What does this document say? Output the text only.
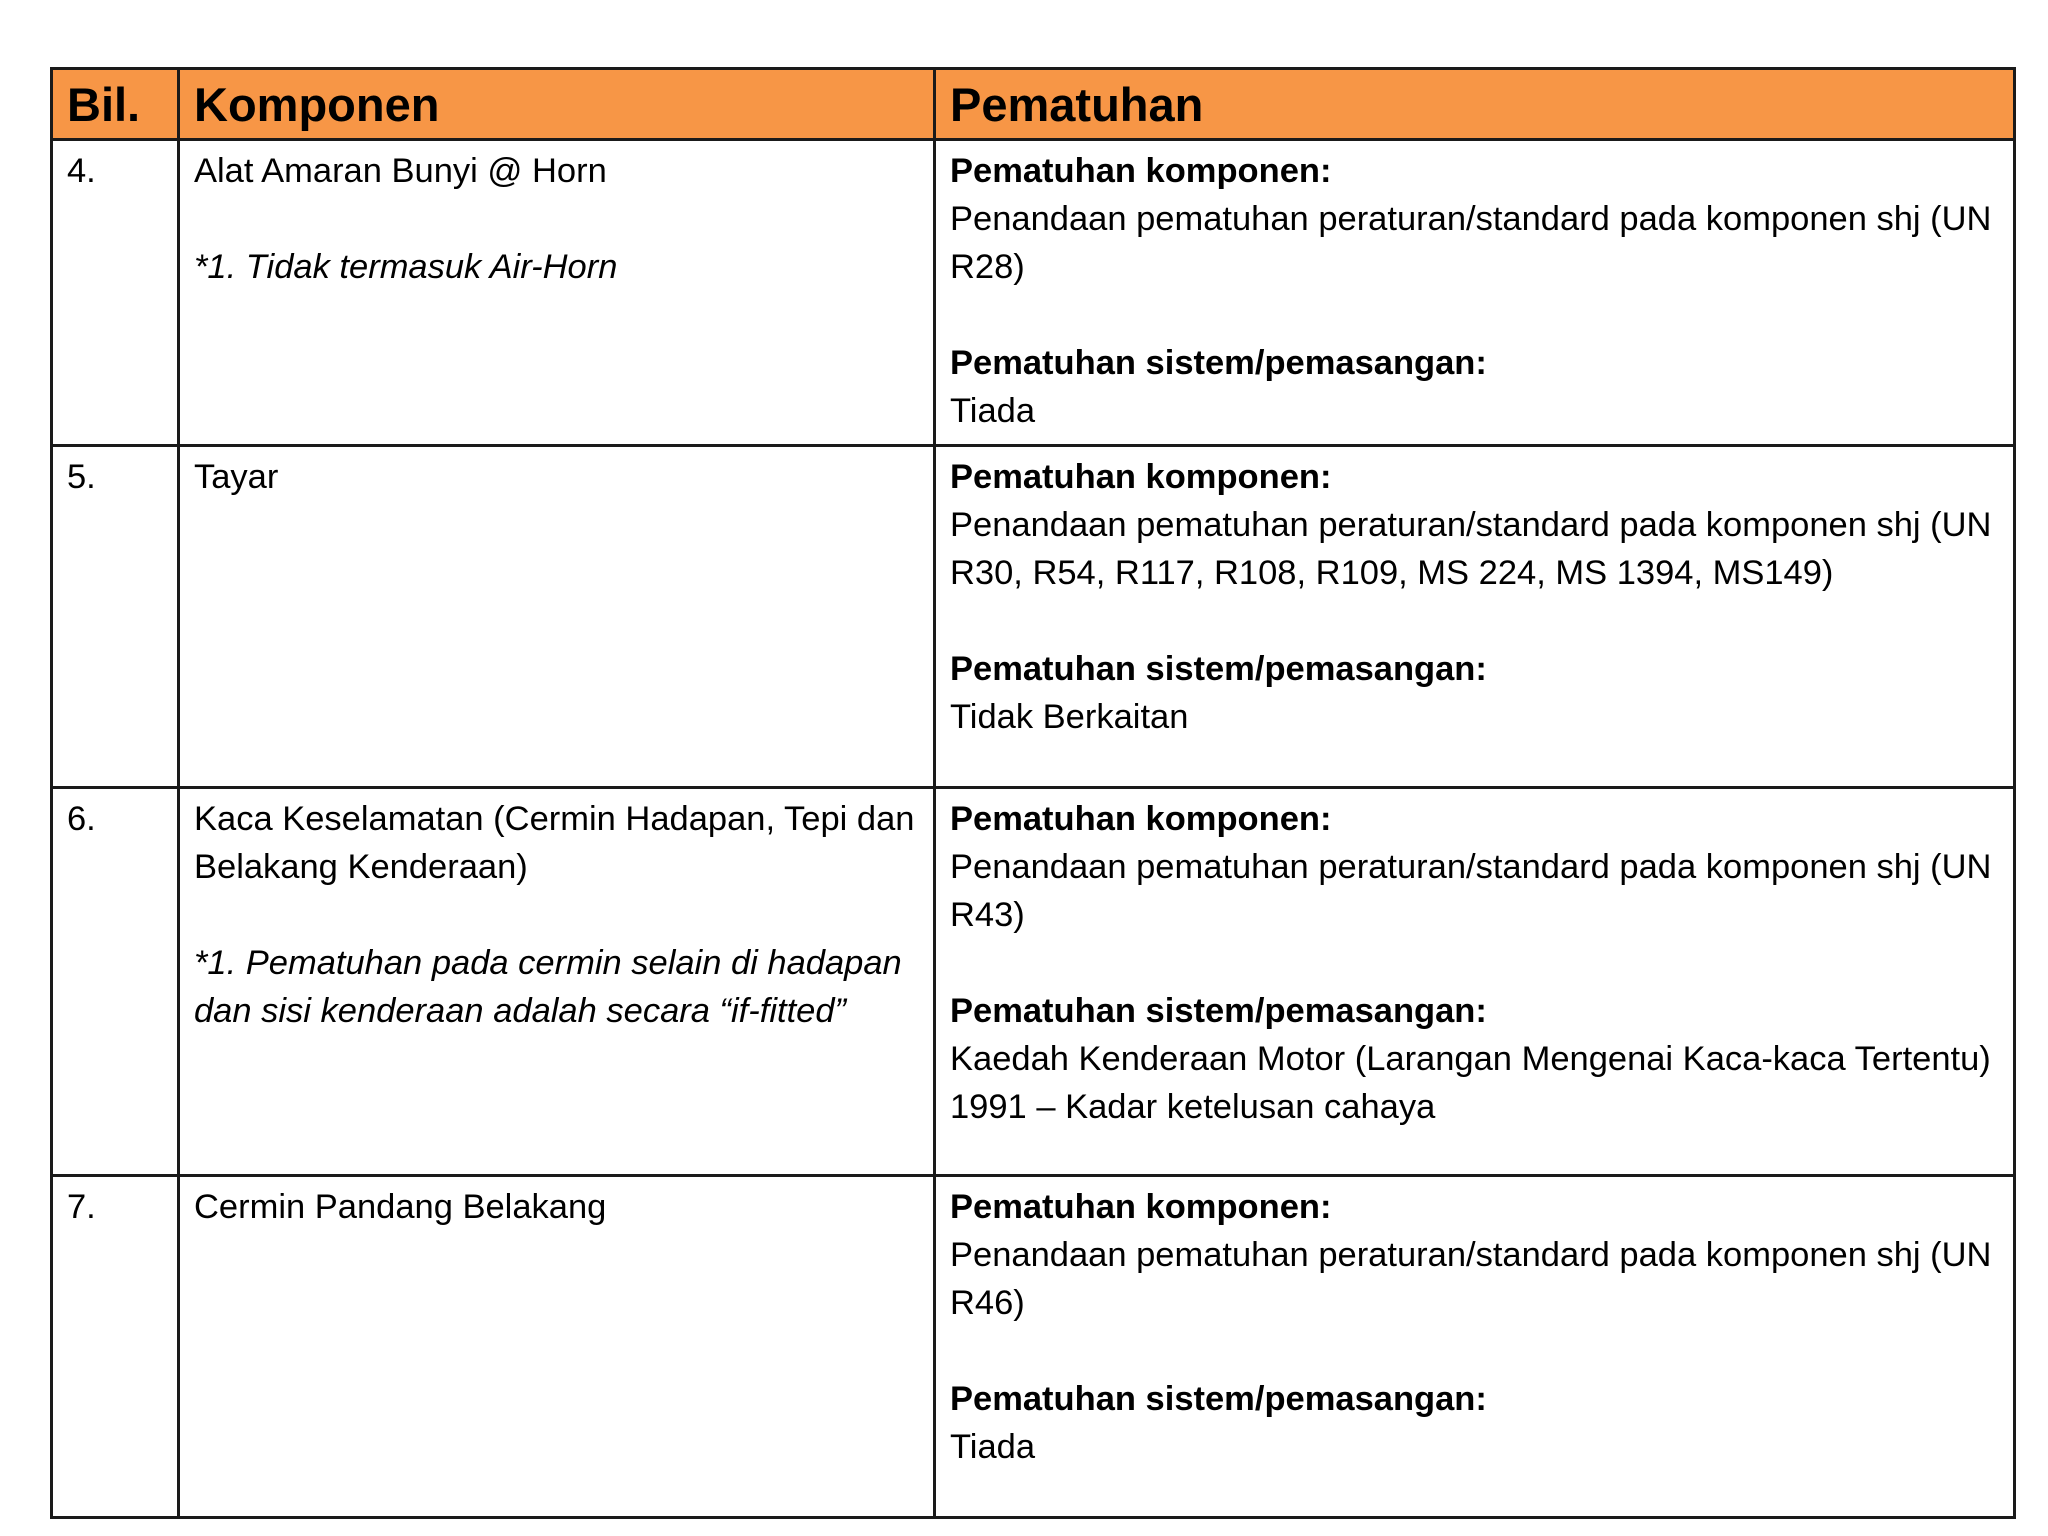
Bil.	Komponen	Pematuhan
4.	Alat Amaran Bunyi @ Horn
*1. Tidak termasuk Air-Horn	Pematuhan komponen:
Penandaan pematuhan peraturan/standard pada komponen shj (UN R28)
Pematuhan sistem/pemasangan:
Tiada

5.	Tayar	Pematuhan komponen:
Penandaan pematuhan peraturan/standard pada komponen shj (UN R30, R54, R117, R108, R109, MS 224, MS 1394, MS149)
Pematuhan sistem/pemasangan:
Tidak Berkaitan

6.	Kaca Keselamatan (Cermin Hadapan, Tepi dan Belakang Kenderaan)
*1. Pematuhan pada cermin selain di hadapan dan sisi kenderaan adalah secara “if-fitted”	Pematuhan komponen:
Penandaan pematuhan peraturan/standard pada komponen shj (UN R43)
Pematuhan sistem/pemasangan:
Kaedah Kenderaan Motor (Larangan Mengenai Kaca-kaca Tertentu) 1991 – Kadar ketelusan cahaya

7.	Cermin Pandang Belakang	Pematuhan komponen:
Penandaan pematuhan peraturan/standard pada komponen shj (UN R46)
Pematuhan sistem/pemasangan:
Tiada
